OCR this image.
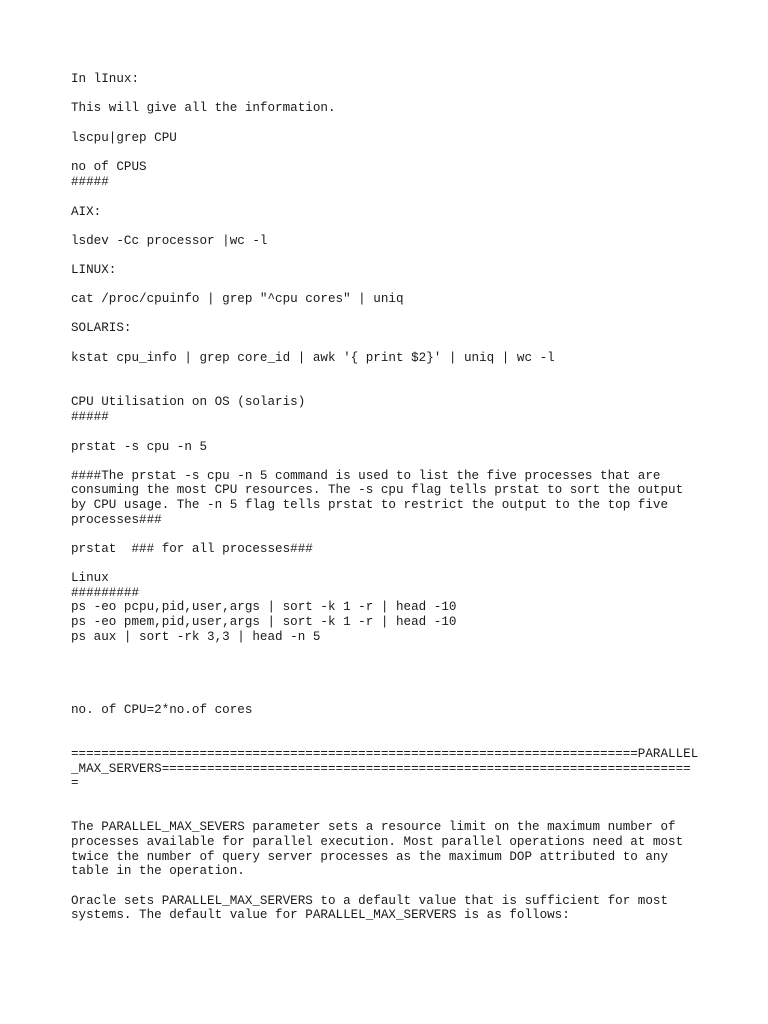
In lInux:

This will give all the information.

lscpu|grep CPU

no of CPUS

#####

AIX:

lsdev -Cc processor |wc -l

LINUX:

cat /proc/cpuinfo | grep "^cpu cores" | uniq

SOLARIS:

kstat cpu_info | grep core_id | awk '{ print $2}' | uniq | wc -l

CPU Utilisation on OS (solaris)

#####

prstat -s cpu -n 5

####The prstat -s cpu -n 5 command is used to list the five processes that are

consuming the most CPU resources. The -s cpu flag tells prstat to sort the output

by CPU usage. The -n 5 flag tells prstat to restrict the output to the top five

processes###

prstat  ### for all processes###

Linux

#########

ps -eo pcpu,pid,user,args | sort -k 1 -r | head -10

ps -eo pmem,pid,user,args | sort -k 1 -r | head -10

ps aux | sort -rk 3,3 | head -n 5

no. of CPU=2*no.of cores

===========================================================================PARALLEL

_MAX_SERVERS======================================================================

=

The PARALLEL_MAX_SEVERS parameter sets a resource limit on the maximum number of

processes available for parallel execution. Most parallel operations need at most

twice the number of query server processes as the maximum DOP attributed to any

table in the operation.

Oracle sets PARALLEL_MAX_SERVERS to a default value that is sufficient for most

systems. The default value for PARALLEL_MAX_SERVERS is as follows:
